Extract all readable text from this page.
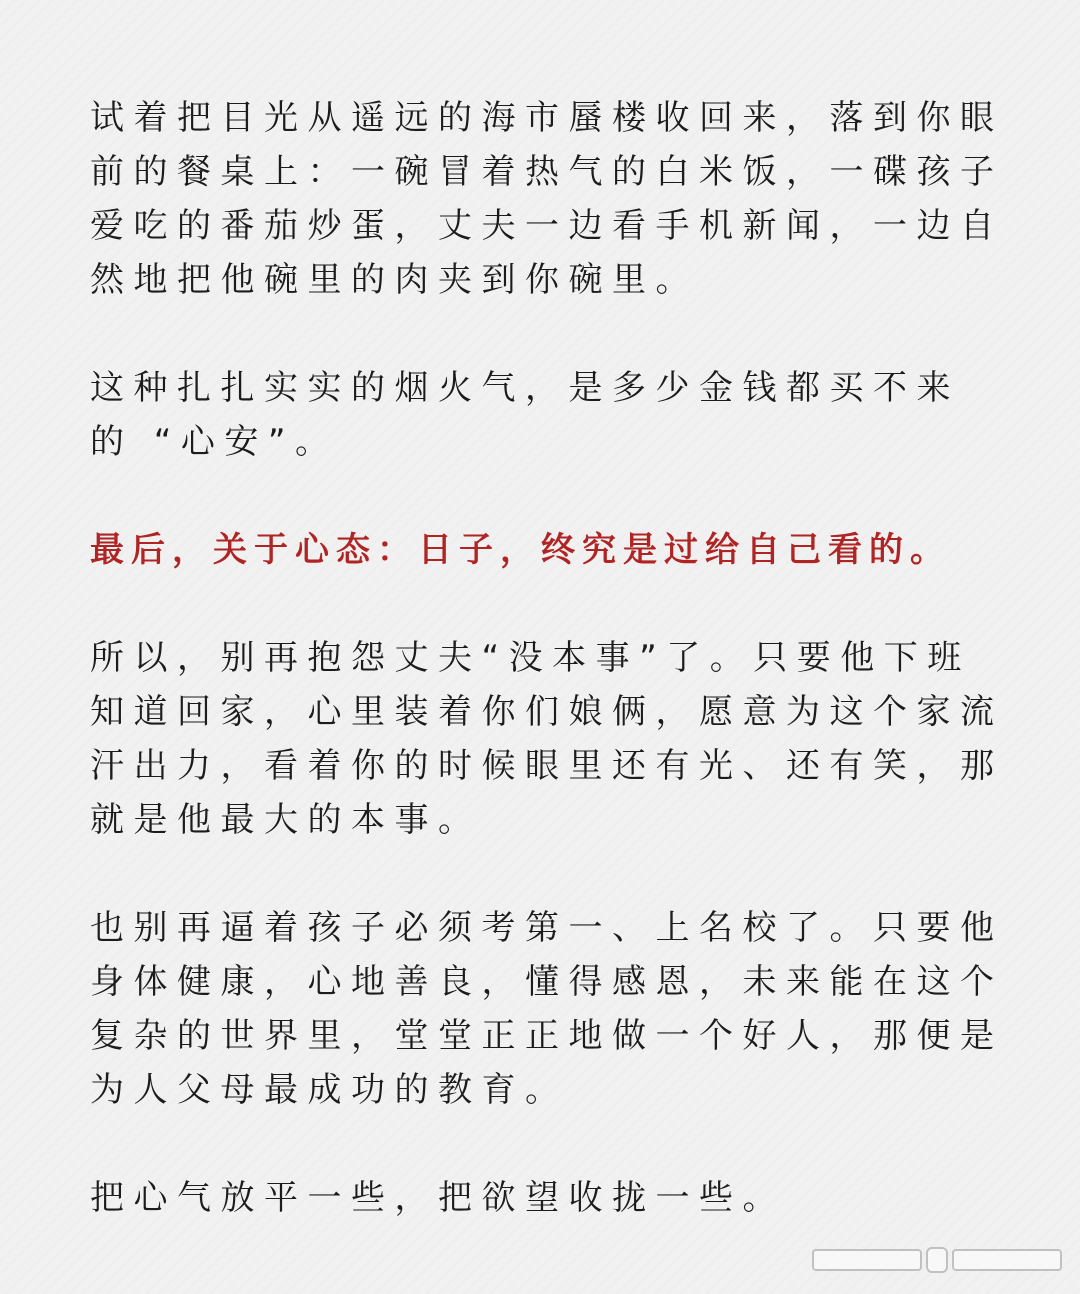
试着把目光从遥远的海市蜃楼收回来，落到你眼
前的餐桌上：一碗冒着热气的白米饭，一碟孩子
爱吃的番茄炒蛋，丈夫一边看手机新闻，一边自
然地把他碗里的肉夹到你碗里。

这种扎扎实实的烟火气，是多少金钱都买不来
的 “心安”。

最后，关于心态：日子，终究是过给自己看的。

所以，别再抱怨丈夫“没本事”了。只要他下班
知道回家，心里装着你们娘俩，愿意为这个家流
汗出力，看着你的时候眼里还有光、还有笑，那
就是他最大的本事。

也别再逼着孩子必须考第一、上名校了。只要他
身体健康，心地善良，懂得感恩，未来能在这个
复杂的世界里，堂堂正正地做一个好人，那便是
为人父母最成功的教育。

把心气放平一些，把欲望收拢一些。
